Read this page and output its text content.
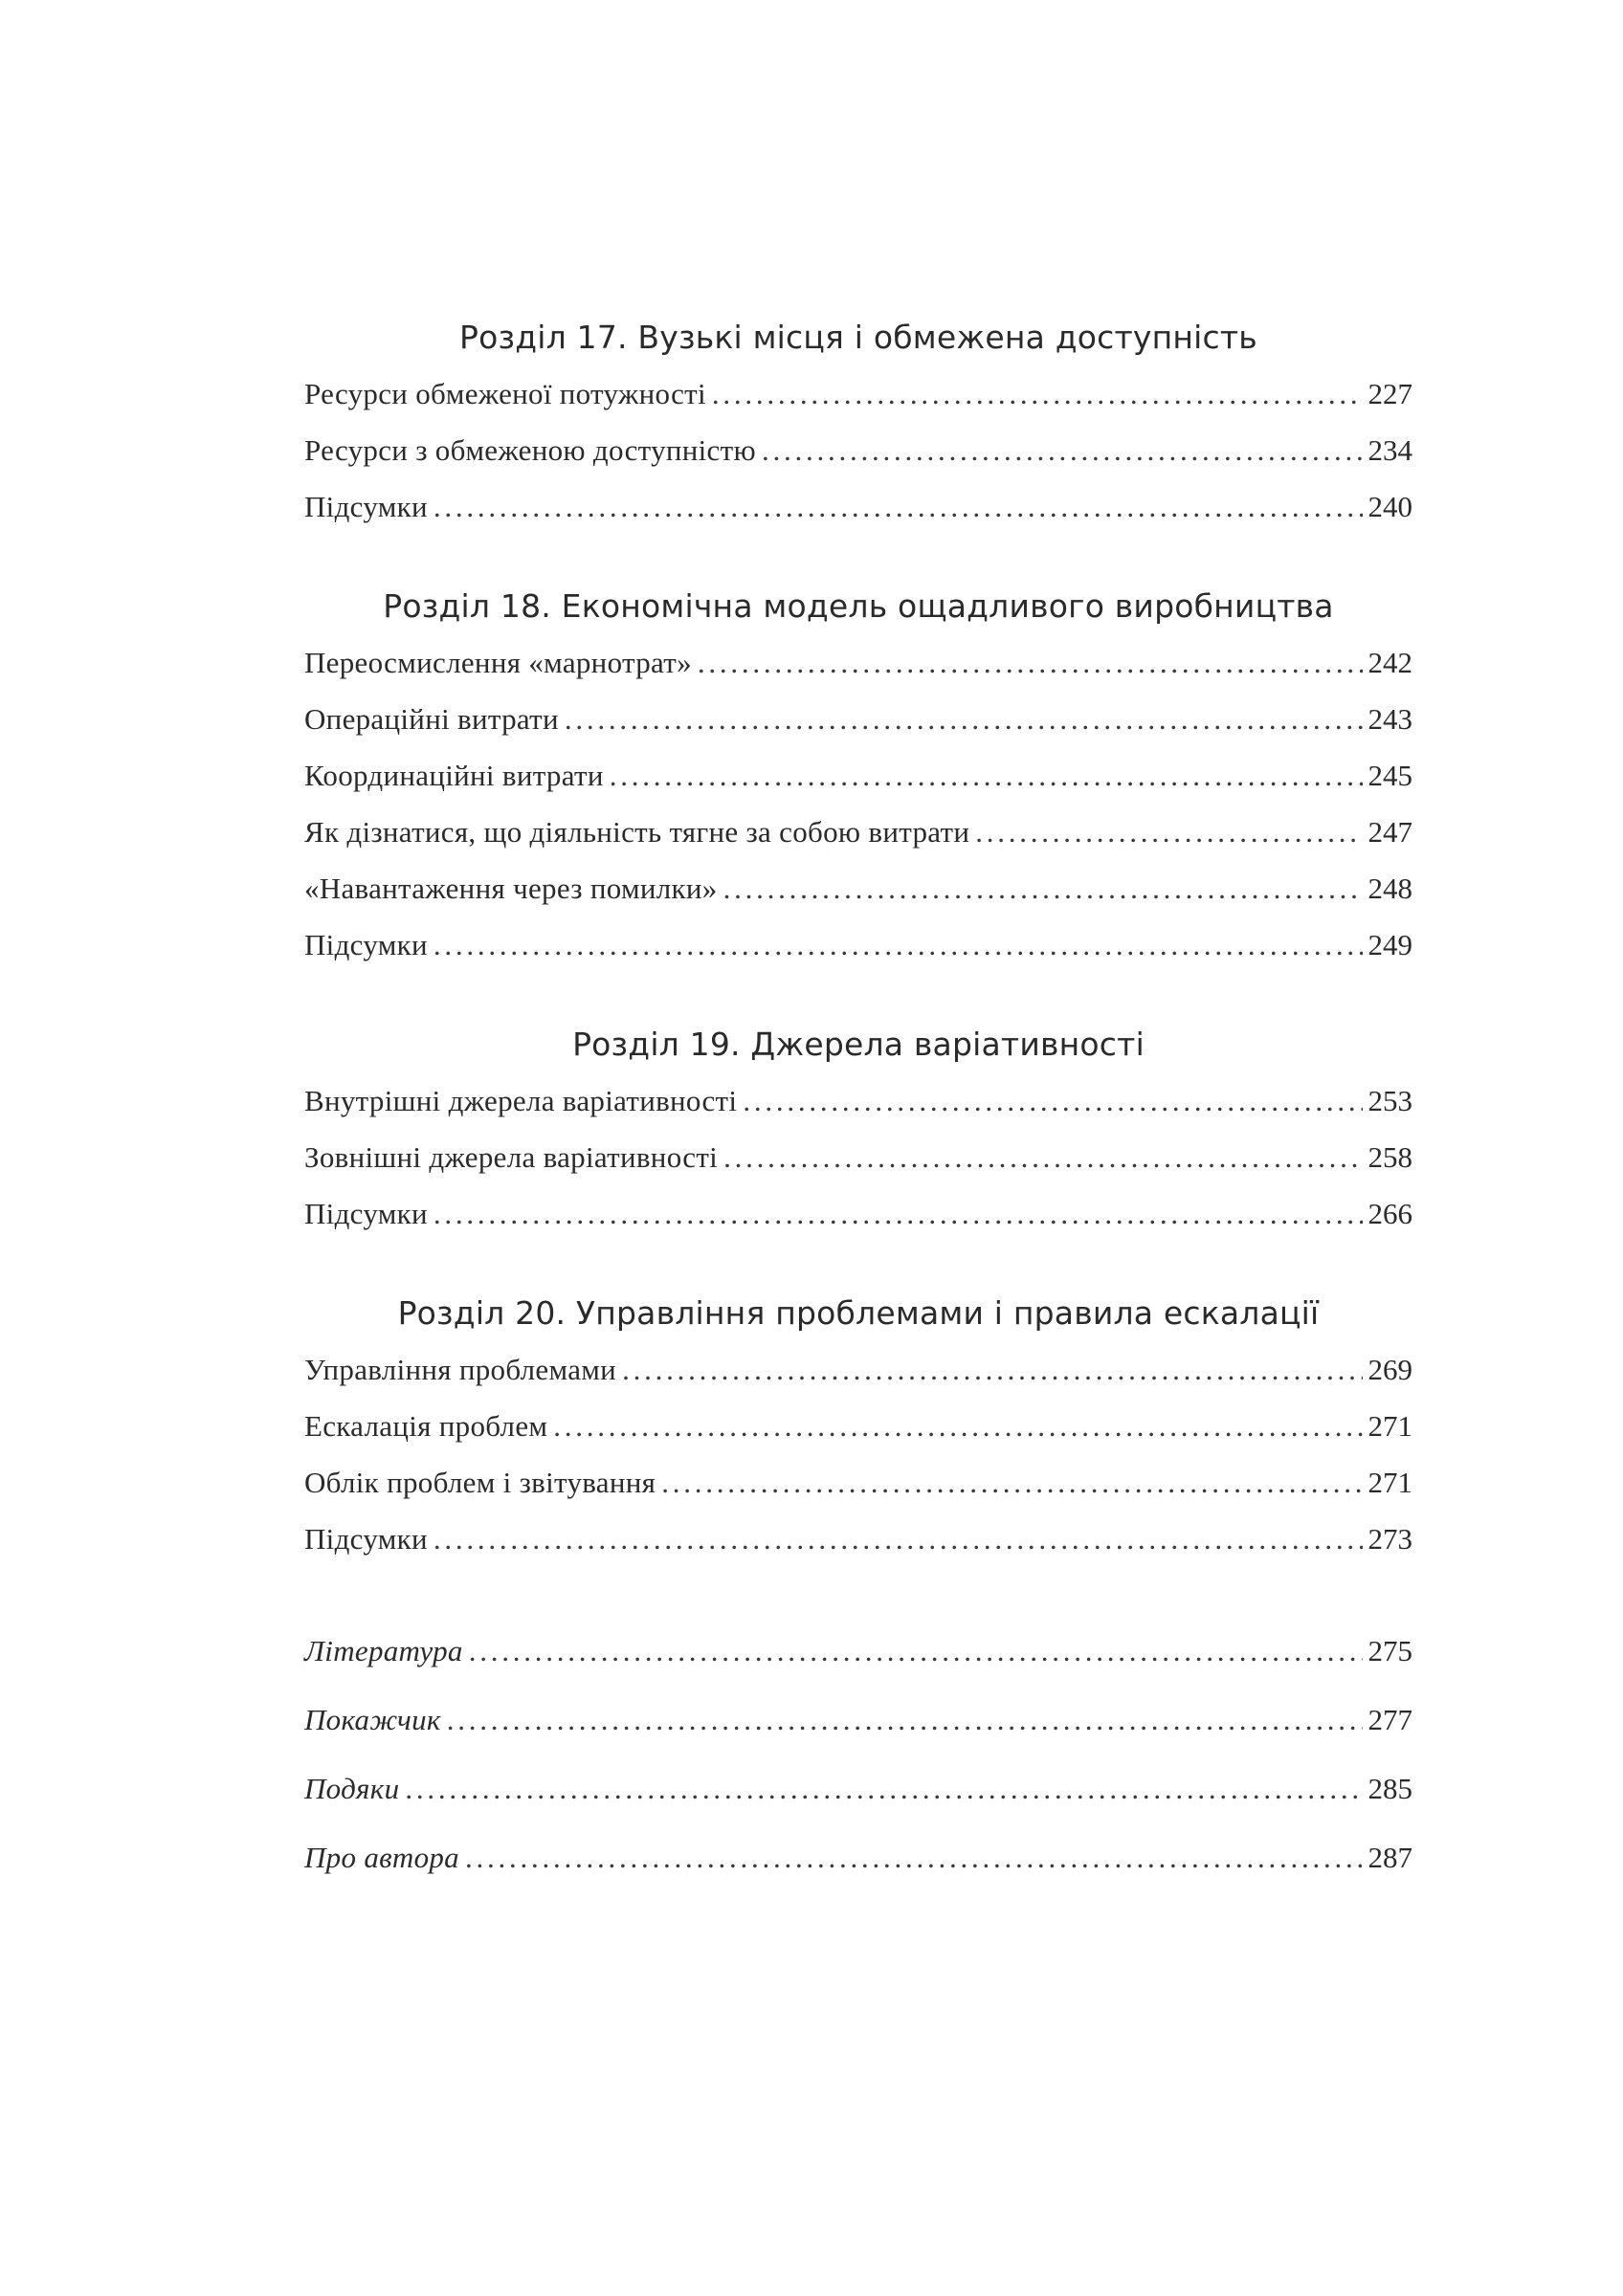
Розділ 17. Вузькі місця і обмежена доступність
Ресурси обмеженої потужності . . .	227
Ресурси з обмеженою доступністю . . .	234
Підсумки . . .	240
Розділ 18. Економічна модель ощадливого виробництва
Переосмислення «марнотрат» . . .	242
Операційні витрати . . .	243
Координаційні витрати . . .	245
Як дізнатися, що діяльність тягне за собою витрати . . .	247
«Навантаження через помилки» . . .	248
Підсумки . . .	249
Розділ 19. Джерела варіативності
Внутрішні джерела варіативності . . .	253
Зовнішні джерела варіативності . . .	258
Підсумки . . .	266
Розділ 20. Управління проблемами і правила ескалації
Управління проблемами . . .	269
Ескалація проблем . . .	271
Облік проблем і звітування . . .	271
Підсумки . . .	273
Література . . .	275
Покажчик . . .	277
Подяки . . .	285
Про автора . . .	287
